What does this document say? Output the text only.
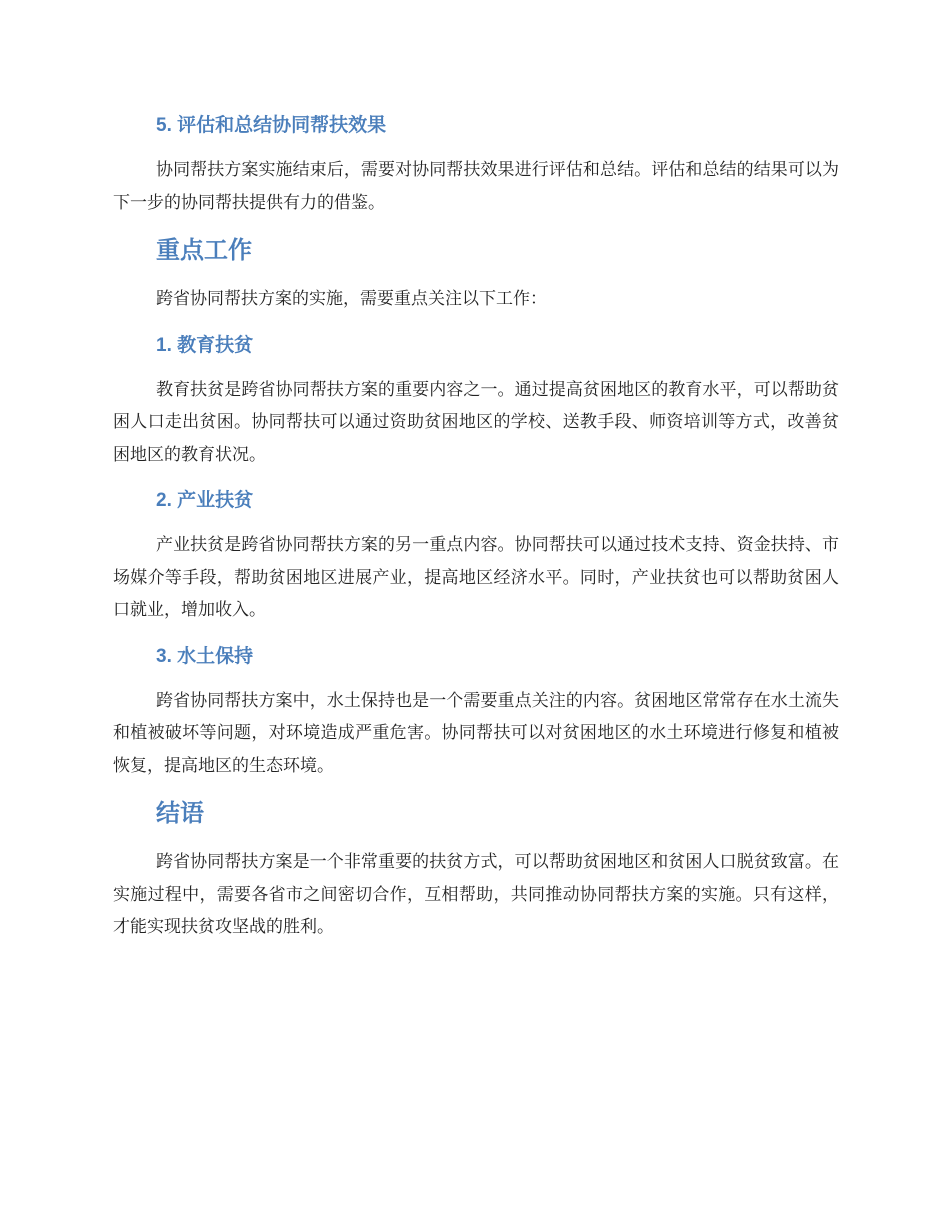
5. 评估和总结协同帮扶效果
协同帮扶方案实施结束后，需要对协同帮扶效果进行评估和总结。评估和总结的结果可以为下一步的协同帮扶提供有力的借鉴。
重点工作
跨省协同帮扶方案的实施，需要重点关注以下工作：
1. 教育扶贫
教育扶贫是跨省协同帮扶方案的重要内容之一。通过提高贫困地区的教育水平，可以帮助贫困人口走出贫困。协同帮扶可以通过资助贫困地区的学校、送教手段、师资培训等方式，改善贫困地区的教育状况。
2. 产业扶贫
产业扶贫是跨省协同帮扶方案的另一重点内容。协同帮扶可以通过技术支持、资金扶持、市场媒介等手段，帮助贫困地区进展产业，提高地区经济水平。同时，产业扶贫也可以帮助贫困人口就业，增加收入。
3. 水土保持
跨省协同帮扶方案中，水土保持也是一个需要重点关注的内容。贫困地区常常存在水土流失和植被破坏等问题，对环境造成严重危害。协同帮扶可以对贫困地区的水土环境进行修复和植被恢复，提高地区的生态环境。
结语
跨省协同帮扶方案是一个非常重要的扶贫方式，可以帮助贫困地区和贫困人口脱贫致富。在实施过程中，需要各省市之间密切合作，互相帮助，共同推动协同帮扶方案的实施。只有这样，才能实现扶贫攻坚战的胜利。
